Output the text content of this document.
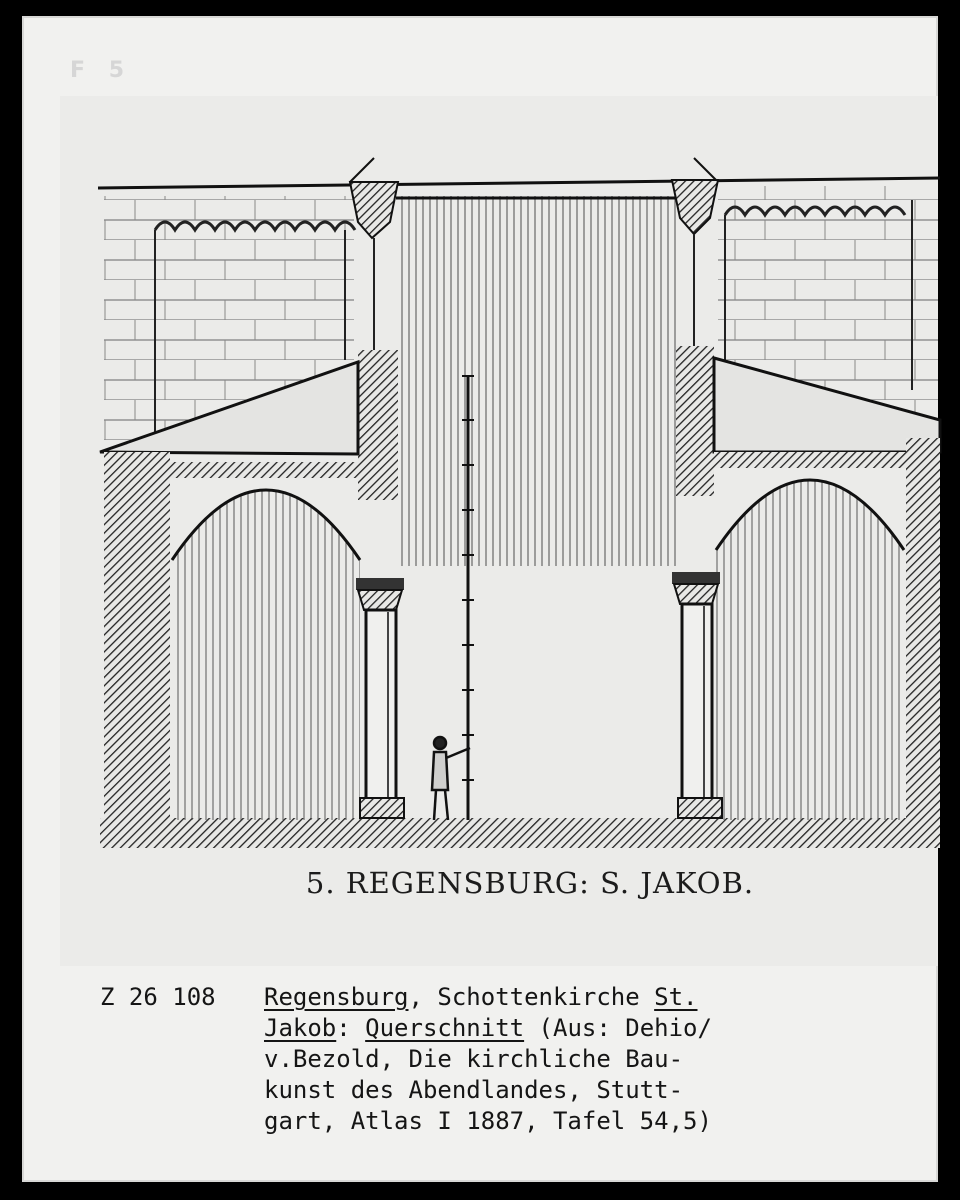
F 5
5. REGENSBURG: S. JAKOB.
Z 26 108 Regensburg, Schottenkirche St.
Jakob: Querschnitt (Aus: Dehio/
v.Bezold, Die kirchliche Bau-
kunst des Abendlandes, Stutt-
gart, Atlas I 1887, Tafel 54,5)
